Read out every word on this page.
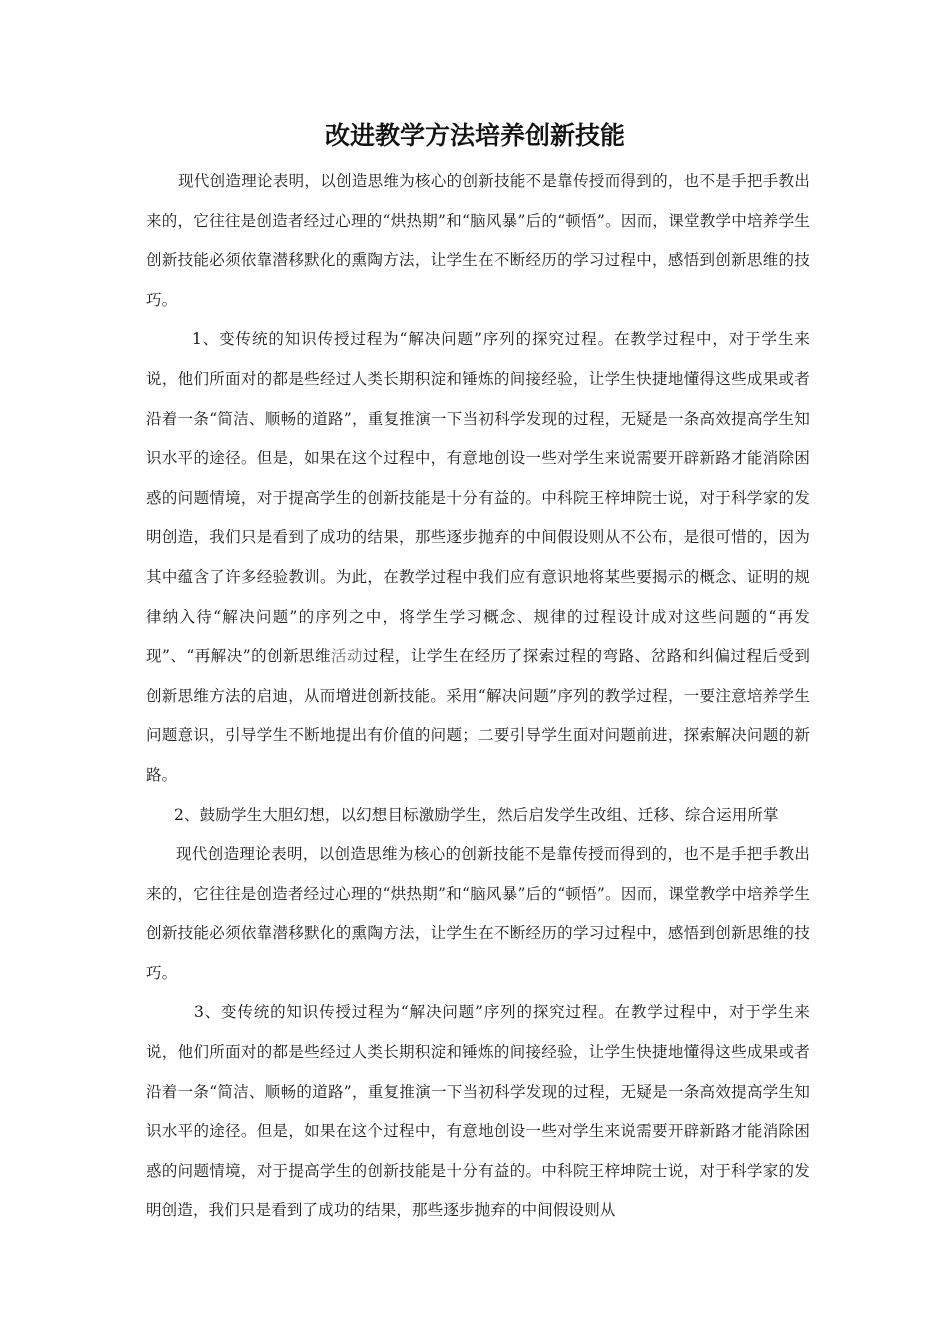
改进教学方法培养创新技能

现代创造理论表明，以创造思维为核心的创新技能不是靠传授而得到的，也不是手把手教出来的，它往往是创造者经过心理的“烘热期”和“脑风暴”后的“顿悟”。因而，课堂教学中培养学生创新技能必须依靠潜移默化的熏陶方法，让学生在不断经历的学习过程中，感悟到创新思维的技巧。

1、变传统的知识传授过程为“解决问题”序列的探究过程。在教学过程中，对于学生来说，他们所面对的都是些经过人类长期积淀和锤炼的间接经验，让学生快捷地懂得这些成果或者沿着一条“简洁、顺畅的道路”，重复推演一下当初科学发现的过程，无疑是一条高效提高学生知识水平的途径。但是，如果在这个过程中，有意地创设一些对学生来说需要开辟新路才能消除困惑的问题情境，对于提高学生的创新技能是十分有益的。中科院王梓坤院士说，对于科学家的发明创造，我们只是看到了成功的结果，那些逐步抛弃的中间假设则从不公布，是很可惜的，因为其中蕴含了许多经验教训。为此，在教学过程中我们应有意识地将某些要揭示的概念、证明的规律纳入待“解决问题”的序列之中，将学生学习概念、规律的过程设计成对这些问题的“再发现”、“再解决”的创新思维活动过程，让学生在经历了探索过程的弯路、岔路和纠偏过程后受到创新思维方法的启迪，从而增进创新技能。采用“解决问题”序列的教学过程，一要注意培养学生问题意识，引导学生不断地提出有价值的问题；二要引导学生面对问题前进，探索解决问题的新路。

2、鼓励学生大胆幻想，以幻想目标激励学生，然后启发学生改组、迁移、综合运用所掌

现代创造理论表明，以创造思维为核心的创新技能不是靠传授而得到的，也不是手把手教出来的，它往往是创造者经过心理的“烘热期”和“脑风暴”后的“顿悟”。因而，课堂教学中培养学生创新技能必须依靠潜移默化的熏陶方法，让学生在不断经历的学习过程中，感悟到创新思维的技巧。

3、变传统的知识传授过程为“解决问题”序列的探究过程。在教学过程中，对于学生来说，他们所面对的都是些经过人类长期积淀和锤炼的间接经验，让学生快捷地懂得这些成果或者沿着一条“简洁、顺畅的道路”，重复推演一下当初科学发现的过程，无疑是一条高效提高学生知识水平的途径。但是，如果在这个过程中，有意地创设一些对学生来说需要开辟新路才能消除困惑的问题情境，对于提高学生的创新技能是十分有益的。中科院王梓坤院士说，对于科学家的发明创造，我们只是看到了成功的结果，那些逐步抛弃的中间假设则从
